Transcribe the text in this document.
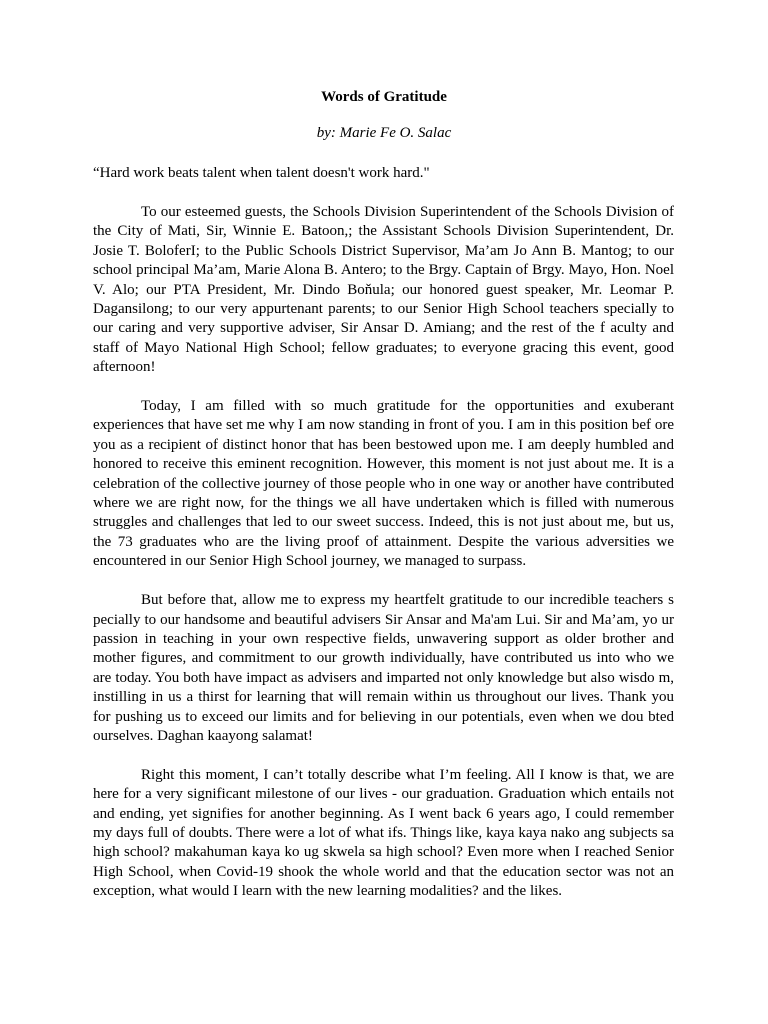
Words of Gratitude
by: Marie Fe O. Salac
“Hard work beats talent when talent doesn't work hard."

To our esteemed guests, the Schools Division Superintendent of the Schools Division of the City of Mati, Sir, Winnie E. Batoon,; the Assistant Schools Division Superintendent, Dr. Josie T. BoloferI; to the Public Schools District Supervisor, Ma’am Jo Ann B. Mantog; to our school principal Ma’am, Marie Alona B. Antero; to the Brgy. Captain of Brgy. Mayo, Hon. Noel V. Alo; our PTA President, Mr. Dindo Boňula; our honored guest speaker, Mr. Leomar P. Dagansilong; to our very appurtenant parents; to our Senior High School teachers specially to our caring and very supportive adviser, Sir Ansar D. Amiang; and the rest of the f aculty and staff of Mayo National High School; fellow graduates; to everyone gracing this event, good afternoon!

Today, I am filled with so much gratitude for the opportunities and exuberant experiences that have set me why I am now standing in front of you. I am in this position bef ore you as a recipient of distinct honor that has been bestowed upon me. I am deeply humbled and honored to receive this eminent recognition. However, this moment is not just about me. It is a celebration of the collective journey of those people who in one way or another have contributed where we are right now, for the things we all have undertaken which is filled with numerous struggles and challenges that led to our sweet success. Indeed, this is not just about me, but us, the 73 graduates who are the living proof of attainment. Despite the various adversities we encountered in our Senior High School journey, we managed to surpass.

But before that, allow me to express my heartfelt gratitude to our incredible teachers s pecially to our handsome and beautiful advisers Sir Ansar and Ma'am Lui. Sir and Ma’am, yo ur passion in teaching in your own respective fields, unwavering support as older brother and mother figures, and commitment to our growth individually, have contributed us into who we are today. You both have impact as advisers and imparted not only knowledge but also wisdo m, instilling in us a thirst for learning that will remain within us throughout our lives. Thank you for pushing us to exceed our limits and for believing in our potentials, even when we dou bted ourselves. Daghan kaayong salamat!

Right this moment, I can’t totally describe what I’m feeling. All I know is that, we are here for a very significant milestone of our lives - our graduation. Graduation which entails not and ending, yet signifies for another beginning. As I went back 6 years ago, I could remember my days full of doubts. There were a lot of what ifs. Things like, kaya kaya nako ang subjects sa high school? makahuman kaya ko ug skwela sa high school? Even more when I reached Senior High School, when Covid-19 shook the whole world and that the education sector was not an exception, what would I learn with the new learning modalities? and the likes.
